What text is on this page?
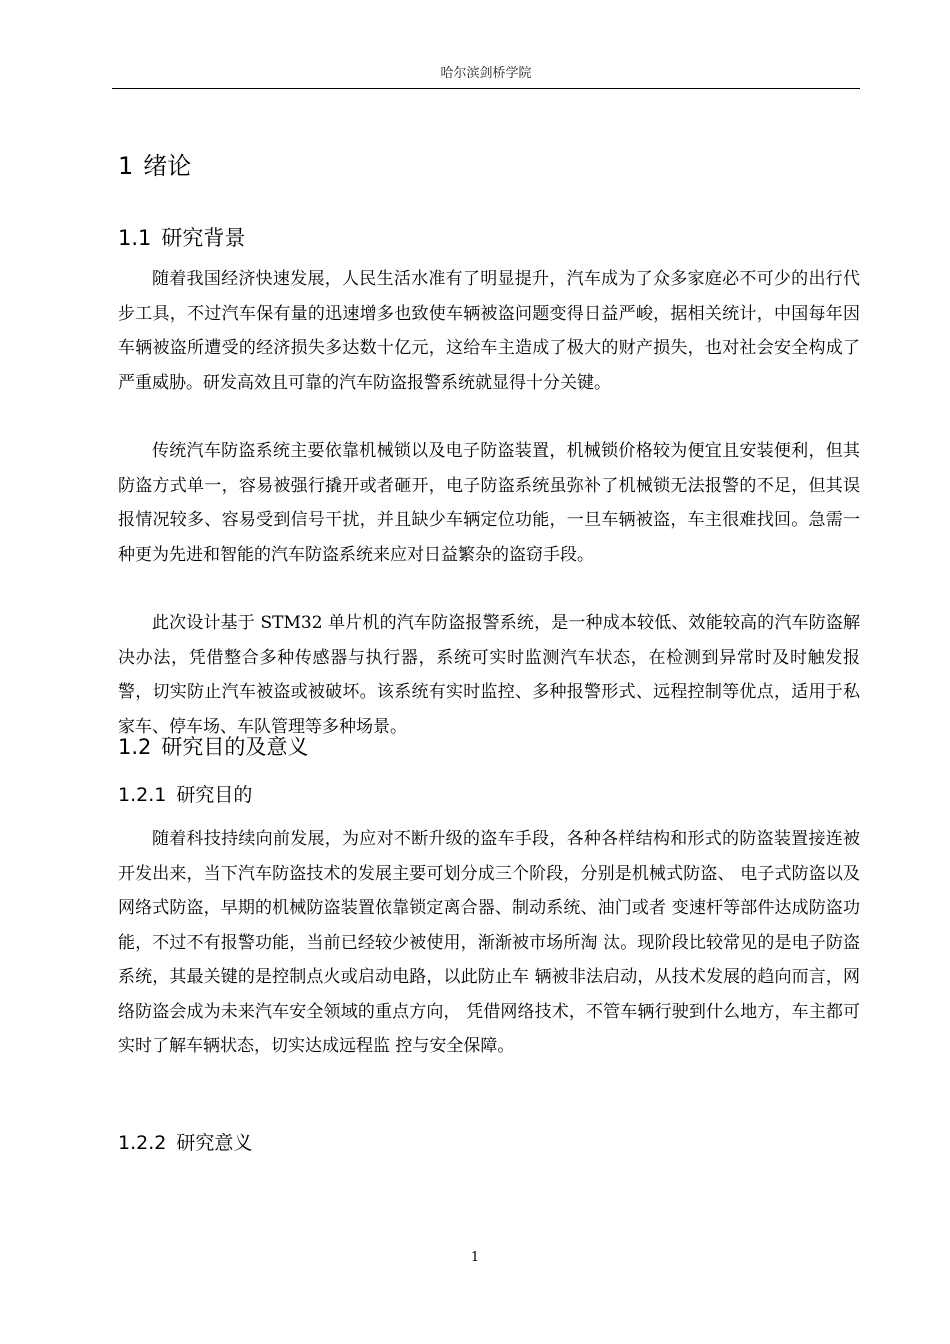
哈尔滨剑桥学院
1 绪论
1.1 研究背景

随着我国经济快速发展，人民生活水准有了明显提升，汽车成为了众多家庭必不可少的出行代步工具，不过汽车保有量的迅速增多也致使车辆被盗问题变得日益严峻，据相关统计，中国每年因车辆被盗所遭受的经济损失多达数十亿元，这给车主造成了极大的财产损失，也对社会安全构成了严重威胁。研发高效且可靠的汽车防盗报警系统就显得十分关键。

传统汽车防盗系统主要依靠机械锁以及电子防盗装置，机械锁价格较为便宜且安装便利，但其防盗方式单一，容易被强行撬开或者砸开，电子防盗系统虽弥补了机械锁无法报警的不足，但其误报情况较多、容易受到信号干扰，并且缺少车辆定位功能，一旦车辆被盗，车主很难找回。急需一种更为先进和智能的汽车防盗系统来应对日益繁杂的盗窃手段。

此次设计基于 STM32 单片机的汽车防盗报警系统，是一种成本较低、效能较高的汽车防盗解决办法，凭借整合多种传感器与执行器，系统可实时监测汽车状态，在检测到异常时及时触发报警，切实防止汽车被盗或被破坏。该系统有实时监控、多种报警形式、远程控制等优点，适用于私家车、停车场、车队管理等多种场景。

1.2 研究目的及意义
1.2.1 研究目的

随着科技持续向前发展，为应对不断升级的盗车手段，各种各样结构和形式的防盗装置接连被开发出来，当下汽车防盗技术的发展主要可划分成三个阶段，分别是机械式防盗、 电子式防盗以及网络式防盗，早期的机械防盗装置依靠锁定离合器、制动系统、油门或者 变速杆等部件达成防盗功能，不过不有报警功能，当前已经较少被使用，渐渐被市场所淘 汰。现阶段比较常见的是电子防盗系统，其最关键的是控制点火或启动电路，以此防止车 辆被非法启动，从技术发展的趋向而言，网络防盗会成为未来汽车安全领域的重点方向， 凭借网络技术，不管车辆行驶到什么地方，车主都可实时了解车辆状态，切实达成远程监 控与安全保障。

1.2.2 研究意义
1
